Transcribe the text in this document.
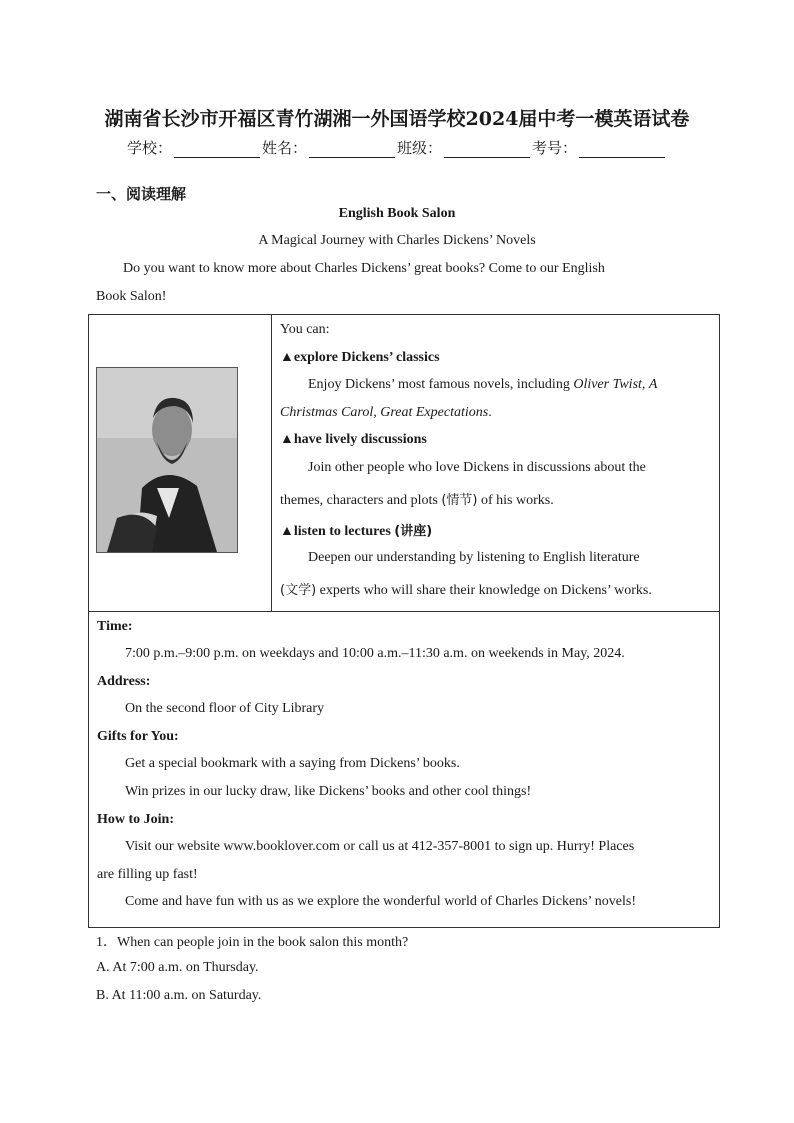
湖南省长沙市开福区青竹湖湘一外国语学校2024届中考一模英语试卷
学校：	姓名：	班级：	考号：
一、阅读理解
English Book Salon
A Magical Journey with Charles Dickens’ Novels
Do you want to know more about Charles Dickens’ great books? Come to our English
Book Salon!

You can:
▲explore Dickens’ classics
Enjoy Dickens’ most famous novels, including Oliver Twist, A
Christmas Carol, Great Expectations.
▲have lively discussions
Join other people who love Dickens in discussions about the
themes, characters and plots (情节) of his works.
▲listen to lectures (讲座)
Deepen our understanding by listening to English literature
(文学) experts who will share their knowledge on Dickens’ works.

Time:
7:00 p.m.–9:00 p.m. on weekdays and 10:00 a.m.–11:30 a.m. on weekends in May, 2024.
Address:
On the second floor of City Library
Gifts for You:
Get a special bookmark with a saying from Dickens’ books.
Win prizes in our lucky draw, like Dickens’ books and other cool things!
How to Join:
Visit our website www.booklover.com or call us at 412-357-8001 to sign up. Hurry! Places
are filling up fast!
Come and have fun with us as we explore the wonderful world of Charles Dickens’ novels!
1．When can people join in the book salon this month?
A. At 7:00 a.m. on Thursday.
B. At 11:00 a.m. on Saturday.
